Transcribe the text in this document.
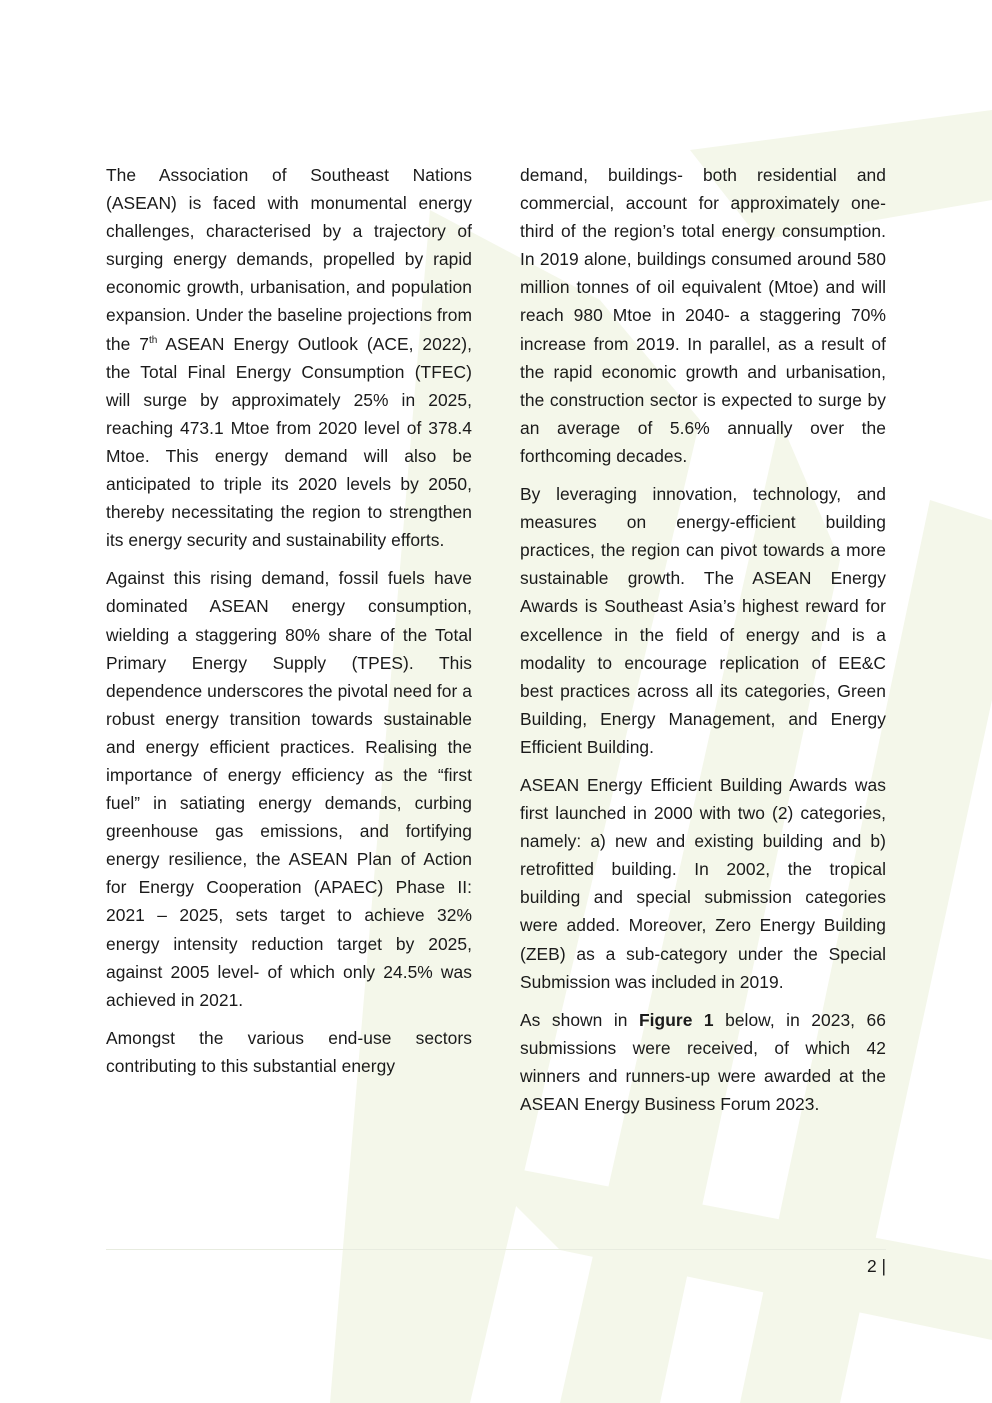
The Association of Southeast Nations (ASEAN) is faced with monumental energy challenges, characterised by a trajectory of surging energy demands, propelled by rapid economic growth, urbanisation, and population expansion. Under the baseline projections from the 7th ASEAN Energy Outlook (ACE, 2022), the Total Final Energy Consumption (TFEC) will surge by approximately 25% in 2025, reaching 473.1 Mtoe from 2020 level of 378.4 Mtoe. This energy demand will also be anticipated to triple its 2020 levels by 2050, thereby necessitating the region to strengthen its energy security and sustainability efforts.

Against this rising demand, fossil fuels have dominated ASEAN energy consumption, wielding a staggering 80% share of the Total Primary Energy Supply (TPES). This dependence underscores the pivotal need for a robust energy transition towards sustainable and energy efficient practices. Realising the importance of energy efficiency as the “first fuel” in satiating energy demands, curbing greenhouse gas emissions, and fortifying energy resilience, the ASEAN Plan of Action for Energy Cooperation (APAEC) Phase II: 2021 – 2025, sets target to achieve 32% energy intensity reduction target by 2025, against 2005 level- of which only 24.5% was achieved in 2021.

Amongst the various end-use sectors contributing to this substantial energy

demand, buildings- both residential and commercial, account for approximately one-third of the region’s total energy consumption. In 2019 alone, buildings consumed around 580 million tonnes of oil equivalent (Mtoe) and will reach 980 Mtoe in 2040- a staggering 70% increase from 2019. In parallel, as a result of the rapid economic growth and urbanisation, the construction sector is expected to surge by an average of 5.6% annually over the forthcoming decades.

By leveraging innovation, technology, and measures on energy-efficient building practices, the region can pivot towards a more sustainable growth. The ASEAN Energy Awards is Southeast Asia’s highest reward for excellence in the field of energy and is a modality to encourage replication of EE&C best practices across all its categories, Green Building, Energy Management, and Energy Efficient Building.

ASEAN Energy Efficient Building Awards was first launched in 2000 with two (2) categories, namely: a) new and existing building and b) retrofitted building. In 2002, the tropical building and special submission categories were added. Moreover, Zero Energy Building (ZEB) as a sub-category under the Special Submission was included in 2019.

As shown in Figure 1 below, in 2023, 66 submissions were received, of which 42 winners and runners-up were awarded at the ASEAN Energy Business Forum 2023.

2 |
